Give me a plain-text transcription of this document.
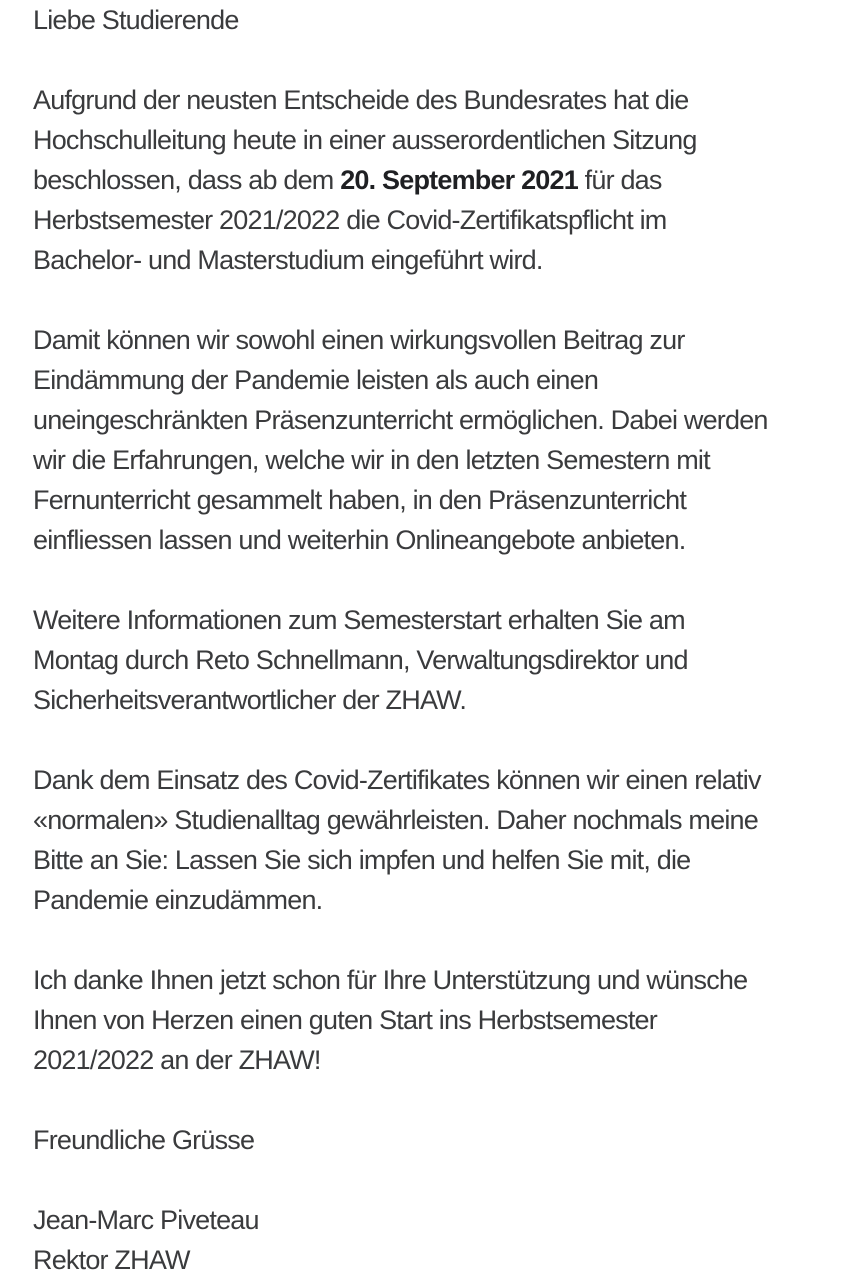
Liebe Studierende
Aufgrund der neusten Entscheide des Bundesrates hat die
Hochschulleitung heute in einer ausserordentlichen Sitzung
beschlossen, dass ab dem 20. September 2021 für das
Herbstsemester 2021/2022 die Covid-Zertifikatspflicht im
Bachelor- und Masterstudium eingeführt wird.
Damit können wir sowohl einen wirkungsvollen Beitrag zur
Eindämmung der Pandemie leisten als auch einen
uneingeschränkten Präsenzunterricht ermöglichen. Dabei werden
wir die Erfahrungen, welche wir in den letzten Semestern mit
Fernunterricht gesammelt haben, in den Präsenzunterricht
einfliessen lassen und weiterhin Onlineangebote anbieten.
Weitere Informationen zum Semesterstart erhalten Sie am
Montag durch Reto Schnellmann, Verwaltungsdirektor und
Sicherheitsverantwortlicher der ZHAW.
Dank dem Einsatz des Covid-Zertifikates können wir einen relativ
«normalen» Studienalltag gewährleisten. Daher nochmals meine
Bitte an Sie: Lassen Sie sich impfen und helfen Sie mit, die
Pandemie einzudämmen.
Ich danke Ihnen jetzt schon für Ihre Unterstützung und wünsche
Ihnen von Herzen einen guten Start ins Herbstsemester
2021/2022 an der ZHAW!
Freundliche Grüsse
Jean-Marc Piveteau
Rektor ZHAW
